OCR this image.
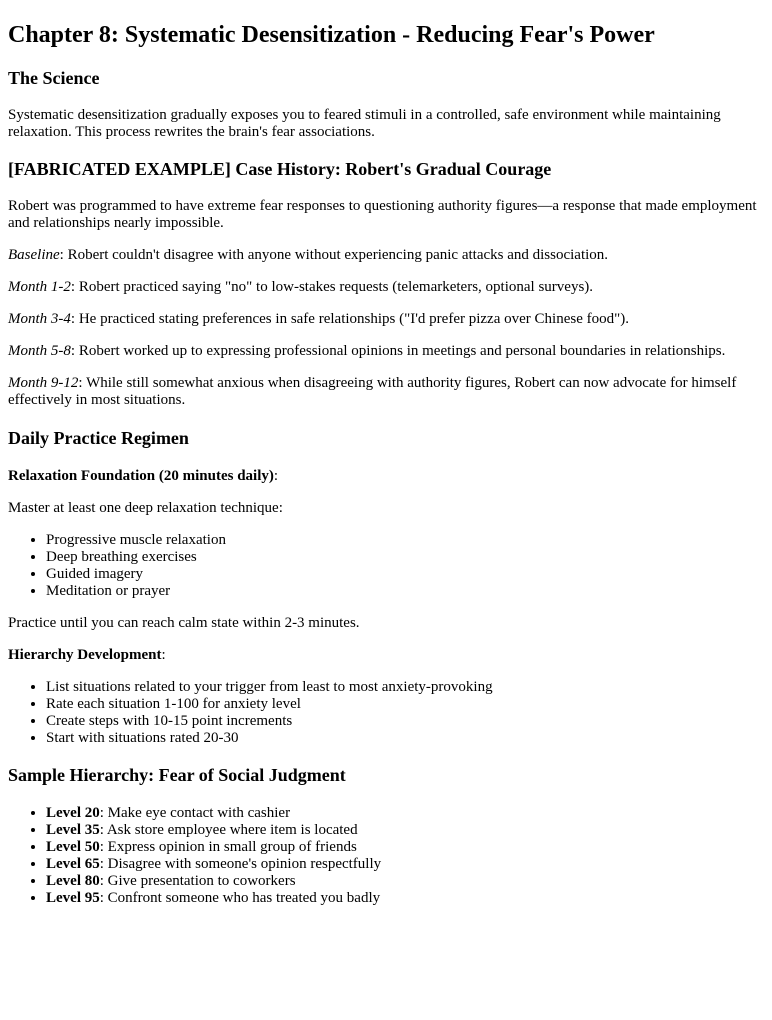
Chapter 8: Systematic Desensitization - Reducing Fear's Power
The Science

Systematic desensitization gradually exposes you to feared stimuli in a controlled, safe environment while maintaining relaxation. This process rewrites the brain's fear associations.

[FABRICATED EXAMPLE] Case History: Robert's Gradual Courage

Robert was programmed to have extreme fear responses to questioning authority figures—a response that made employment and relationships nearly impossible.

Baseline: Robert couldn't disagree with anyone without experiencing panic attacks and dissociation.

Month 1-2: Robert practiced saying "no" to low-stakes requests (telemarketers, optional surveys).

Month 3-4: He practiced stating preferences in safe relationships ("I'd prefer pizza over Chinese food").

Month 5-8: Robert worked up to expressing professional opinions in meetings and personal boundaries in relationships.

Month 9-12: While still somewhat anxious when disagreeing with authority figures, Robert can now advocate for himself effectively in most situations.

Daily Practice Regimen

Relaxation Foundation (20 minutes daily):

Master at least one deep relaxation technique:

• Progressive muscle relaxation
• Deep breathing exercises
• Guided imagery
• Meditation or prayer

Practice until you can reach calm state within 2-3 minutes.

Hierarchy Development:

• List situations related to your trigger from least to most anxiety-provoking
• Rate each situation 1-100 for anxiety level
• Create steps with 10-15 point increments
• Start with situations rated 20-30
Sample Hierarchy: Fear of Social Judgment
• Level 20: Make eye contact with cashier
• Level 35: Ask store employee where item is located
• Level 50: Express opinion in small group of friends
• Level 65: Disagree with someone's opinion respectfully
• Level 80: Give presentation to coworkers
• Level 95: Confront someone who has treated you badly
